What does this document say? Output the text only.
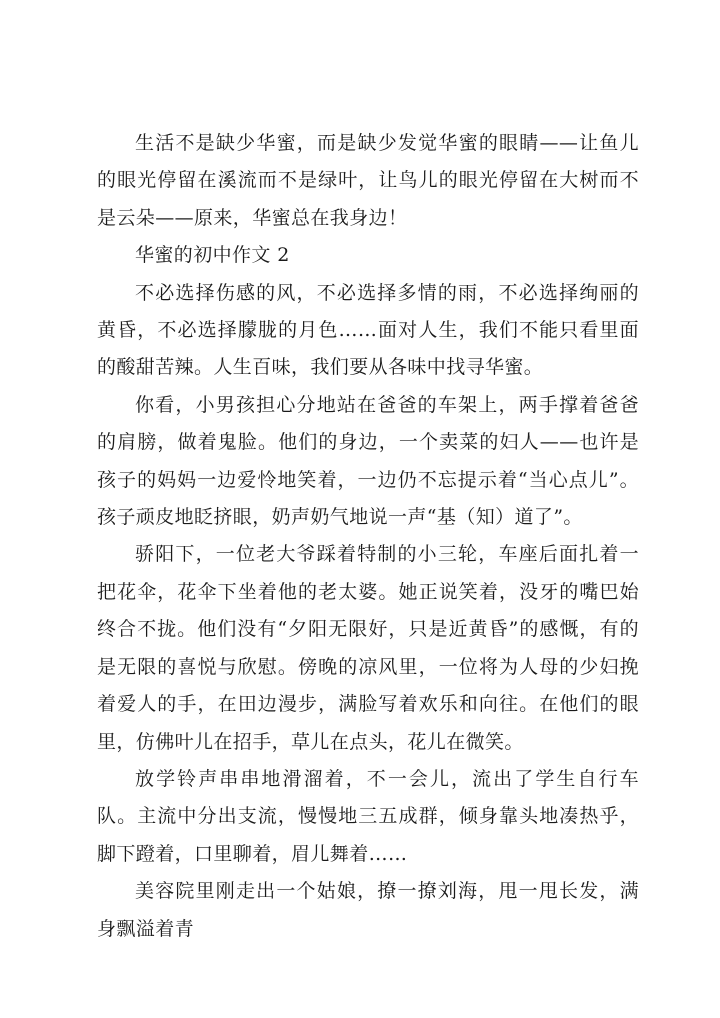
生活不是缺少华蜜，而是缺少发觉华蜜的眼睛——让鱼儿的眼光停留在溪流而不是绿叶，让鸟儿的眼光停留在大树而不是云朵——原来，华蜜总在我身边！

华蜜的初中作文 2

不必选择伤感的风，不必选择多情的雨，不必选择绚丽的黄昏，不必选择朦胧的月色……面对人生，我们不能只看里面的酸甜苦辣。人生百味，我们要从各味中找寻华蜜。

你看，小男孩担心分地站在爸爸的车架上，两手撑着爸爸的肩膀，做着鬼脸。他们的身边，一个卖菜的妇人——也许是孩子的妈妈一边爱怜地笑着，一边仍不忘提示着“当心点儿”。孩子顽皮地眨挤眼，奶声奶气地说一声“基（知）道了”。

骄阳下，一位老大爷踩着特制的小三轮，车座后面扎着一把花伞，花伞下坐着他的老太婆。她正说笑着，没牙的嘴巴始终合不拢。他们没有“夕阳无限好，只是近黄昏”的感慨，有的是无限的喜悦与欣慰。傍晚的凉风里，一位将为人母的少妇挽着爱人的手，在田边漫步，满脸写着欢乐和向往。在他们的眼里，仿佛叶儿在招手，草儿在点头，花儿在微笑。

放学铃声串串地滑溜着，不一会儿，流出了学生自行车队。主流中分出支流，慢慢地三五成群，倾身靠头地凑热乎，脚下蹬着，口里聊着，眉儿舞着……

美容院里刚走出一个姑娘，撩一撩刘海，甩一甩长发，满身飘溢着青
